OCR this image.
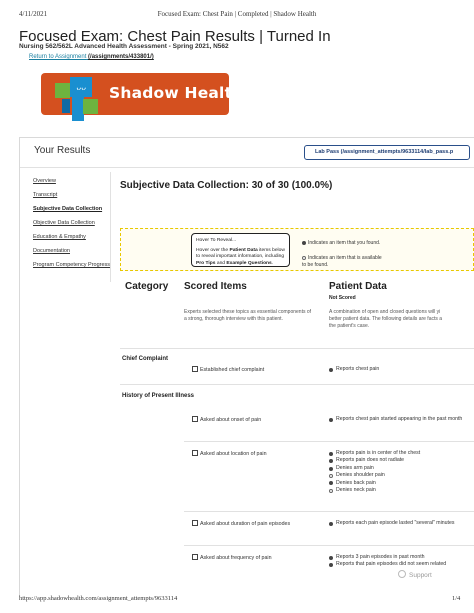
4/11/2021	Focused Exam: Chest Pain | Completed | Shadow Health
Focused Exam: Chest Pain Results | Turned In
Nursing 562/562L Advanced Health Assessment - Spring 2021, N562
Return to Assignment (/assignments/433801/)
ᴗᴗ Shadow Health®
Your Results	Lab Pass (/assignment_attempts/9633114/lab_pass.p
Overview
Transcript
Subjective Data Collection
Objective Data Collection
Education & Empathy
Documentation
Program Competency Progress
Subjective Data Collection: 30 of 30 (100.0%)
Hover To Reveal...
Hover over the Patient Data items below to reveal important information, including Pro Tips and Example Questions.
Indicates an item that you found.
Indicates an item that is available to be found.
Category Scored Items	Patient Data
Not Scored
Experts selected these topics as essential components of a strong, thorough interview with this patient.
A combination of open and closed questions will yi
better patient data. The following details are facts a
the patient's case.
Chief Complaint
Established chief complaint	Reports chest pain
History of Present Illness
Asked about onset of pain	Reports chest pain started appearing in the past month
Asked about location of pain	Reports pain is in center of the chest
Reports pain does not radiate
Denies arm pain
Denies shoulder pain
Denies back pain
Denies neck pain
Asked about duration of pain episodes	Reports each pain episode lasted "several" minutes
Asked about frequency of pain	Reports 3 pain episodes in past month
Reports that pain episodes did not seem related
Support
https://app.shadowhealth.com/assignment_attempts/9633114	1/4
